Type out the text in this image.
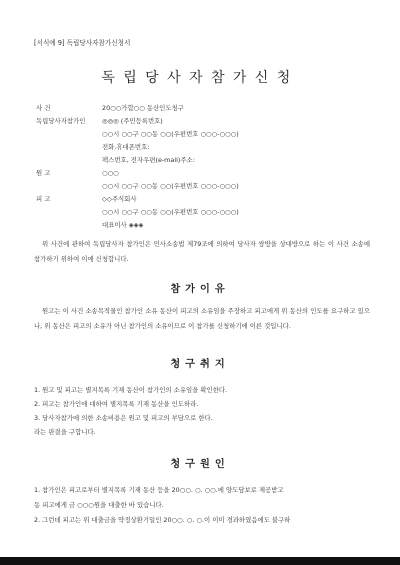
[서식예 9] 독립당사자참가신청서
독립당사자참가신청
사 건	20○○가합○○ 동산인도청구
독립당사자참가인	◎◎◎ (주민등록번호)
○○시 ○○구 ○○동 ○○(우편번호 ○○○-○○○)
전화.휴대폰번호:
팩스번호, 전자우편(e-mail)주소:
원 고	○○○
○○시 ○○구 ○○동 ○○(우편번호 ○○○-○○○)
피 고	◇◇주식회사
○○시 ○○구 ○○동 ○○(우편번호 ○○○-○○○)
대표이사 ◈◈◈
위 사건에 관하여 독립당사자 참가인은 민사소송법 제79조에 의하여 당사자 쌍방을 상대방으로 하는 이 사건 소송에 참가하기 위하여 이에 신청합니다.
참가이유
원고는 이 사건 소송목적물인 참가인 소유 동산이 피고의 소유임을 주장하고 피고에게 위 동산의 인도를 요구하고 있으나, 위 동산은 피고의 소유가 아닌 참가인의 소유이므로 이 참가를 신청하기에 이른 것입니다.
청구취지
1. 원고 및 피고는 별지목록 기재 동산이 참가인의 소유임을 확인한다.
2. 피고는 참가인에 대하여 별지목록 기재 동산을 인도하라.
3. 당사자참가에 의한 소송비용은 원고 및 피고의 부담으로 한다.
라는 판결을 구합니다.
청구원인
1. 참가인은 피고로부터 별지목록 기재 동산 등을 20○○. ○. ○○.에 양도담보로 제공받고
동 피고에게 금 ○○○원을 대출한 바 있습니다.
2. 그런데 피고는 위 대출금을 약정상환기일인 20○○. ○. ○.이 이미 경과하였음에도 불구하
